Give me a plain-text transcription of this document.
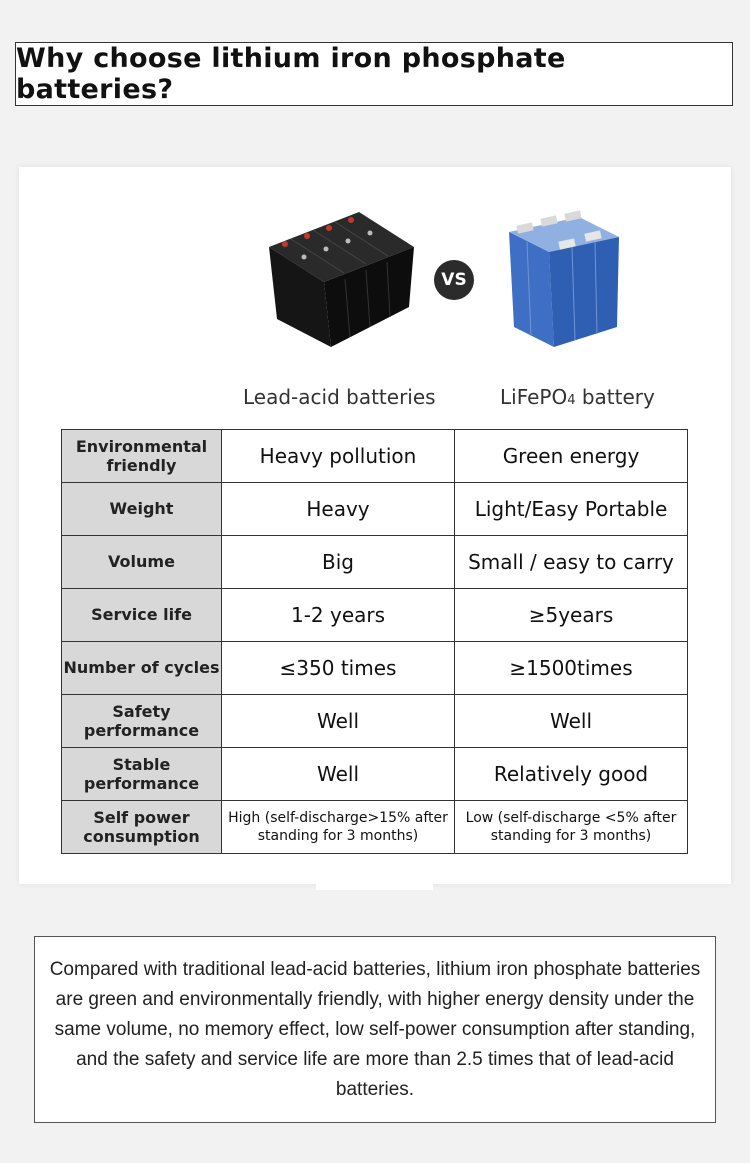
Why choose lithium iron phosphate batteries?
VS
Lead-acid batteries	LiFePO4 battery
Environmental friendly	Heavy pollution	Green energy
Weight	Heavy	Light/Easy Portable
Volume	Big	Small / easy to carry
Service life	1-2 years	≥5years
Number of cycles	≤350 times	≥1500times
Safety performance	Well	Well
Stable performance	Well	Relatively good
Self power consumption	High (self-discharge>15% after standing for 3 months)	Low (self-discharge <5% after standing for 3 months)

Compared with traditional lead-acid batteries, lithium iron phosphate batteries are green and environmentally friendly, with higher energy density under the same volume, no memory effect, low self-power consumption after standing, and the safety and service life are more than 2.5 times that of lead-acid batteries.
